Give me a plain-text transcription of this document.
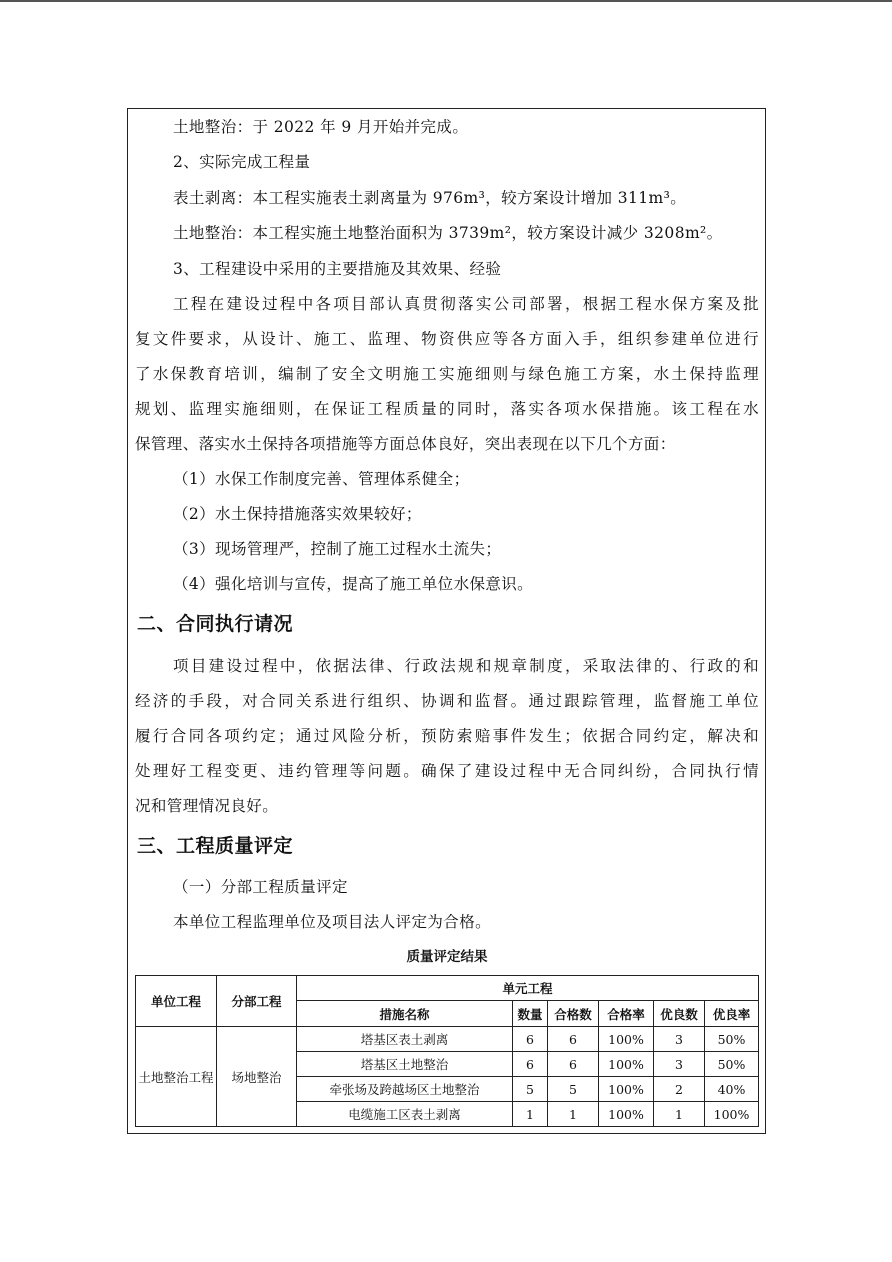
土地整治：于 2022 年 9 月开始并完成。
2、实际完成工程量
表土剥离：本工程实施表土剥离量为 976m³，较方案设计增加 311m³。
土地整治：本工程实施土地整治面积为 3739m²，较方案设计减少 3208m²。
3、工程建设中采用的主要措施及其效果、经验
工程在建设过程中各项目部认真贯彻落实公司部署，根据工程水保方案及批
复文件要求，从设计、施工、监理、物资供应等各方面入手，组织参建单位进行
了水保教育培训，编制了安全文明施工实施细则与绿色施工方案，水土保持监理
规划、监理实施细则，在保证工程质量的同时，落实各项水保措施。该工程在水
保管理、落实水土保持各项措施等方面总体良好，突出表现在以下几个方面：
（1）水保工作制度完善、管理体系健全；
（2）水土保持措施落实效果较好；
（3）现场管理严，控制了施工过程水土流失；
（4）强化培训与宣传，提高了施工单位水保意识。
二、合同执行请况
项目建设过程中，依据法律、行政法规和规章制度，采取法律的、行政的和
经济的手段，对合同关系进行组织、协调和监督。通过跟踪管理，监督施工单位
履行合同各项约定；通过风险分析，预防索赔事件发生；依据合同约定，解决和
处理好工程变更、违约管理等问题。确保了建设过程中无合同纠纷，合同执行情
况和管理情况良好。
三、工程质量评定
（一）分部工程质量评定
本单位工程监理单位及项目法人评定为合格。
质量评定结果
单位工程	分部工程	单元工程					
		措施名称	数量	合格数	合格率	优良数	优良率
土地整治工程	场地整治	塔基区表土剥离	6	6	100%	3	50%
		塔基区土地整治	6	6	100%	3	50%
		牵张场及跨越场区土地整治	5	5	100%	2	40%
		电缆施工区表土剥离	1	1	100%	1	100%
